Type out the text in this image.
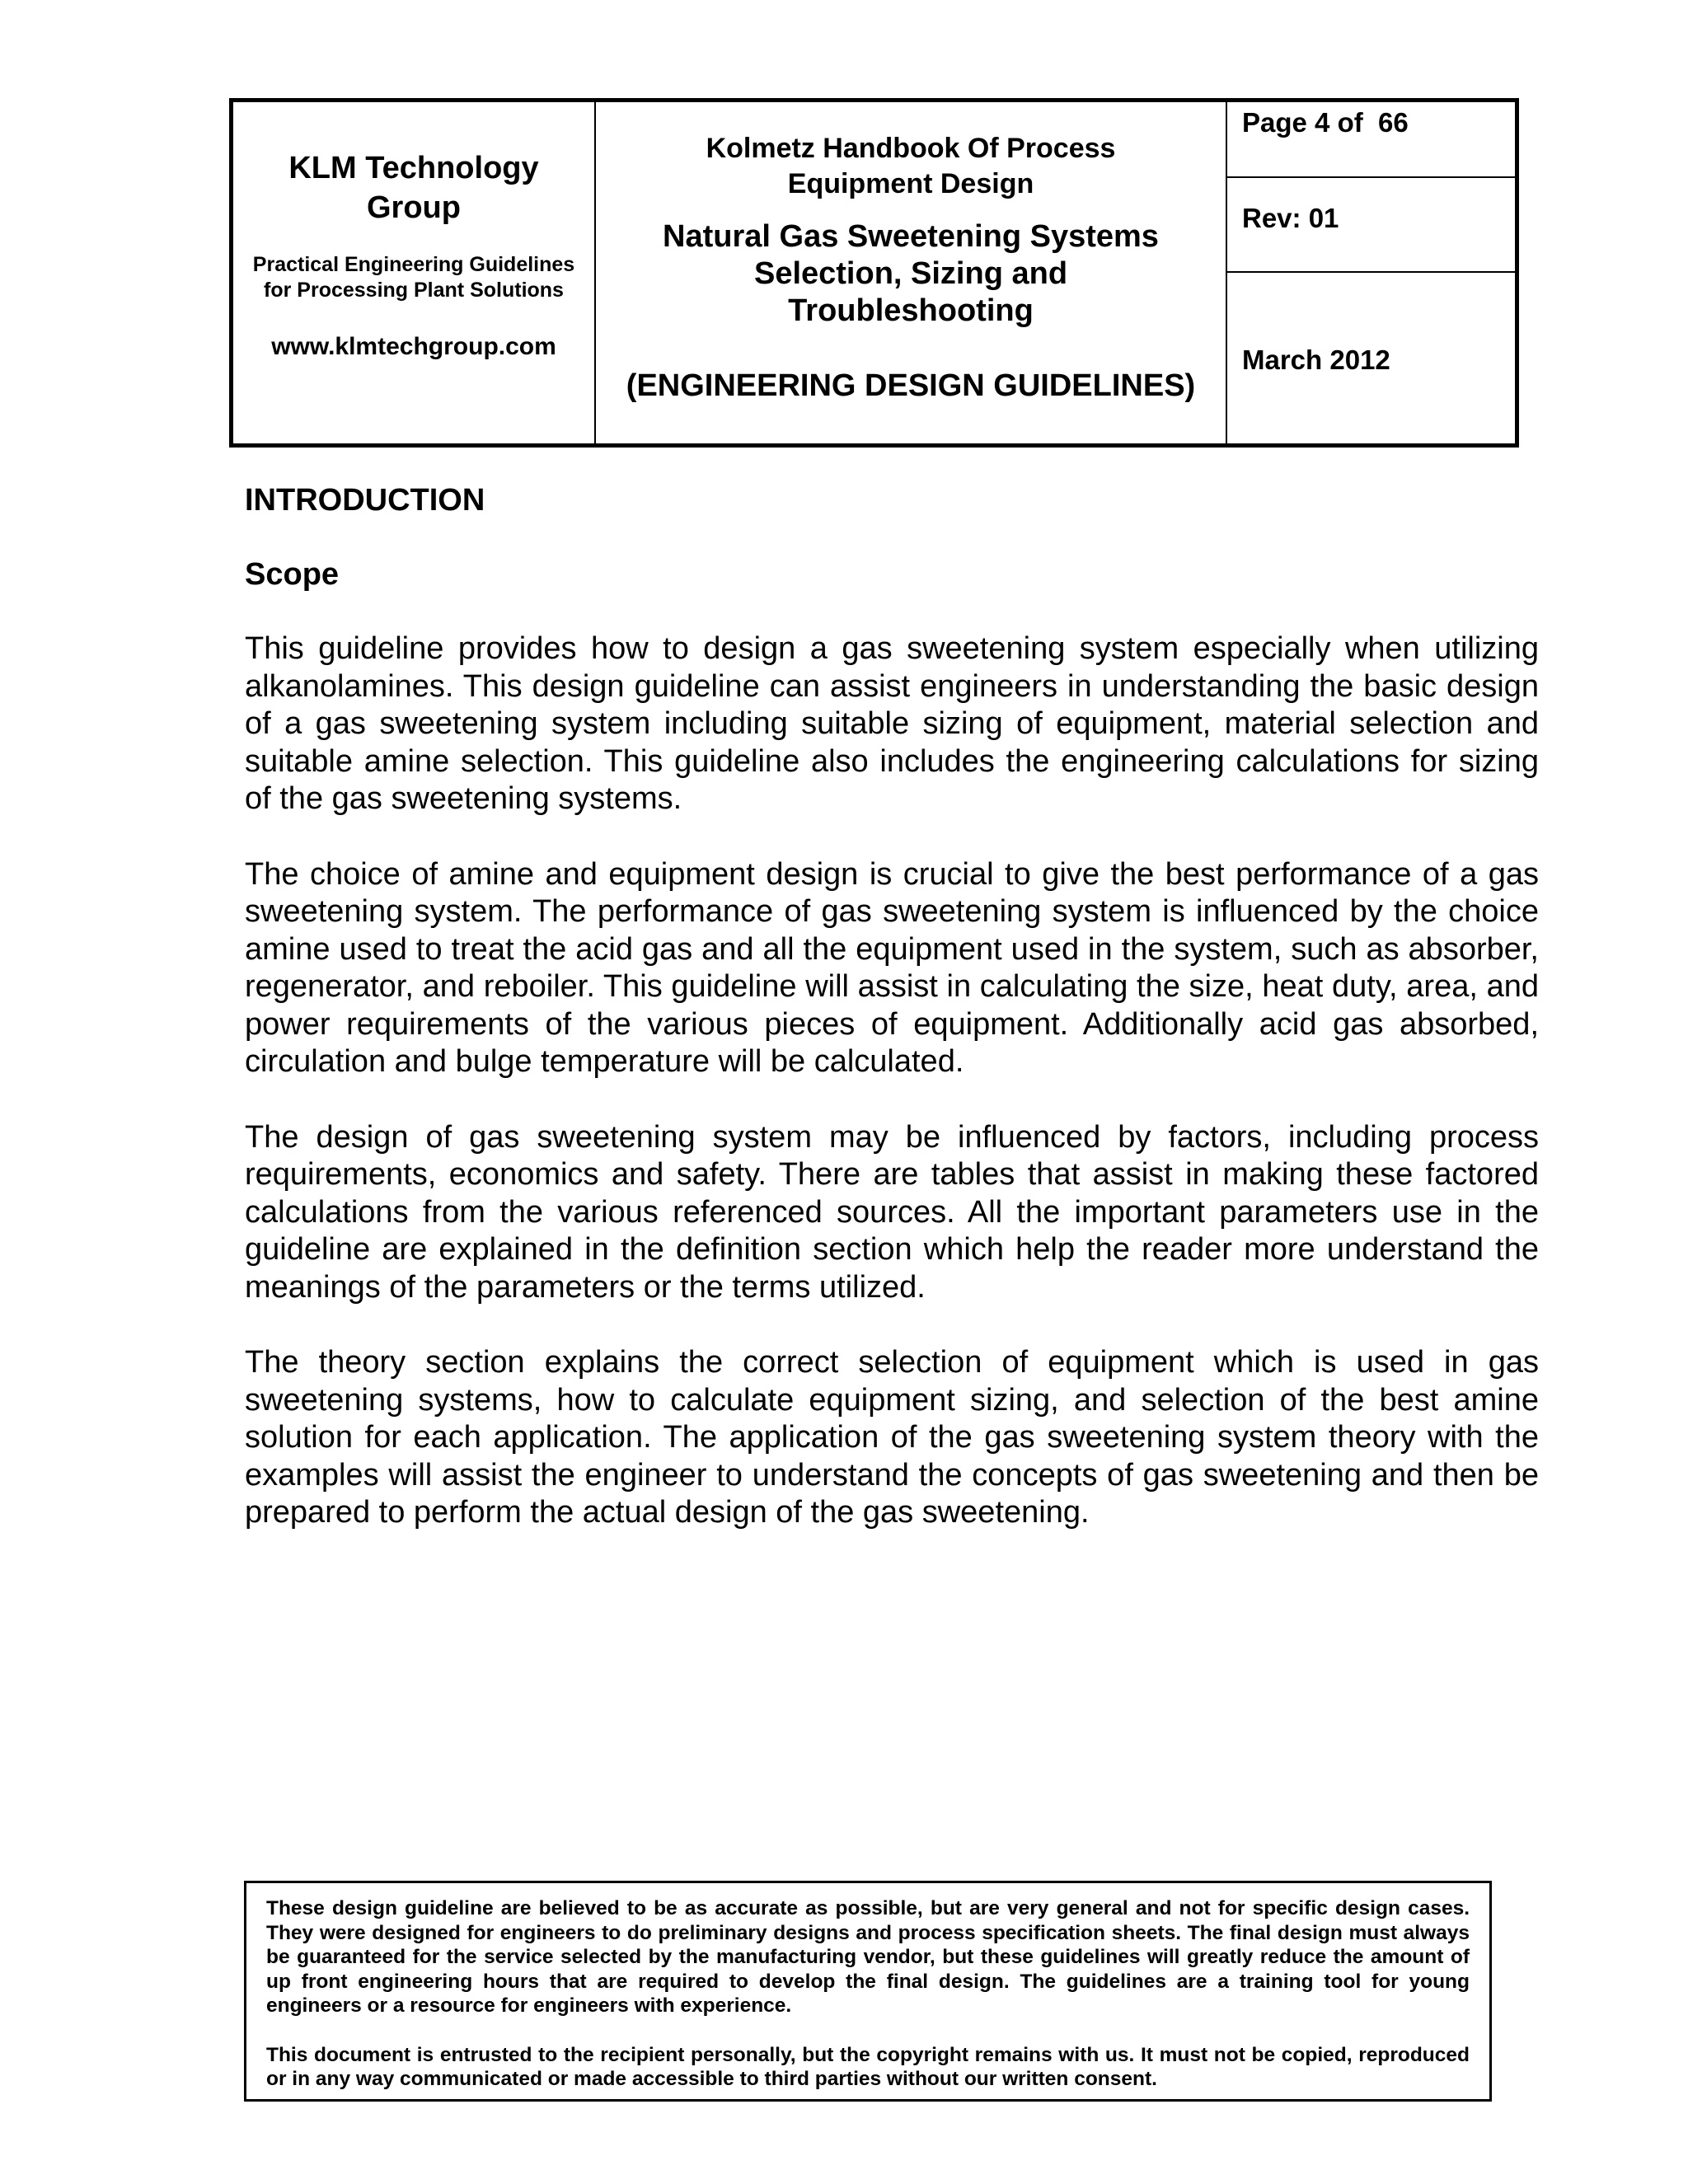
KLM Technology Group
Practical Engineering Guidelines for Processing Plant Solutions
www.klmtechgroup.com
Kolmetz Handbook Of Process Equipment Design
Natural Gas Sweetening Systems Selection, Sizing and Troubleshooting
(ENGINEERING DESIGN GUIDELINES)
Page 4 of  66
Rev: 01
March 2012
INTRODUCTION
Scope

This guideline provides how to design a gas sweetening system especially when utilizing alkanolamines. This design guideline can assist engineers in understanding the basic design of a gas sweetening system including suitable sizing of equipment, material selection and suitable amine selection. This guideline also includes the engineering calculations for sizing of the gas sweetening systems.

The choice of amine and equipment design is crucial to give the best performance of a gas sweetening system. The performance of gas sweetening system is influenced by the choice amine used to treat the acid gas and all the equipment used in the system, such as absorber, regenerator, and reboiler. This guideline will assist in calculating the size, heat duty, area, and power requirements of the various pieces of equipment. Additionally acid gas absorbed, circulation and bulge temperature will be calculated.

The design of gas sweetening system may be influenced by factors, including process requirements, economics and safety. There are tables that assist in making these factored calculations from the various referenced sources. All the important parameters use in the guideline are explained in the definition section which help the reader more understand the meanings of the parameters or the terms utilized.

The theory section explains the correct selection of equipment which is used in gas sweetening systems, how to calculate equipment sizing, and selection of the best amine solution for each application. The application of the gas sweetening system theory with the examples will assist the engineer to understand the concepts of gas sweetening and then be prepared to perform the actual design of the gas sweetening.

These design guideline are believed to be as accurate as possible, but are very general and not for specific design cases. They were designed for engineers to do preliminary designs and process specification sheets. The final design must always be guaranteed for the service selected by the manufacturing vendor, but these guidelines will greatly reduce the amount of up front engineering hours that are required to develop the final design. The guidelines are a training tool for young engineers or a resource for engineers with experience.

This document is entrusted to the recipient personally, but the copyright remains with us. It must not be copied, reproduced or in any way communicated or made accessible to third parties without our written consent.
